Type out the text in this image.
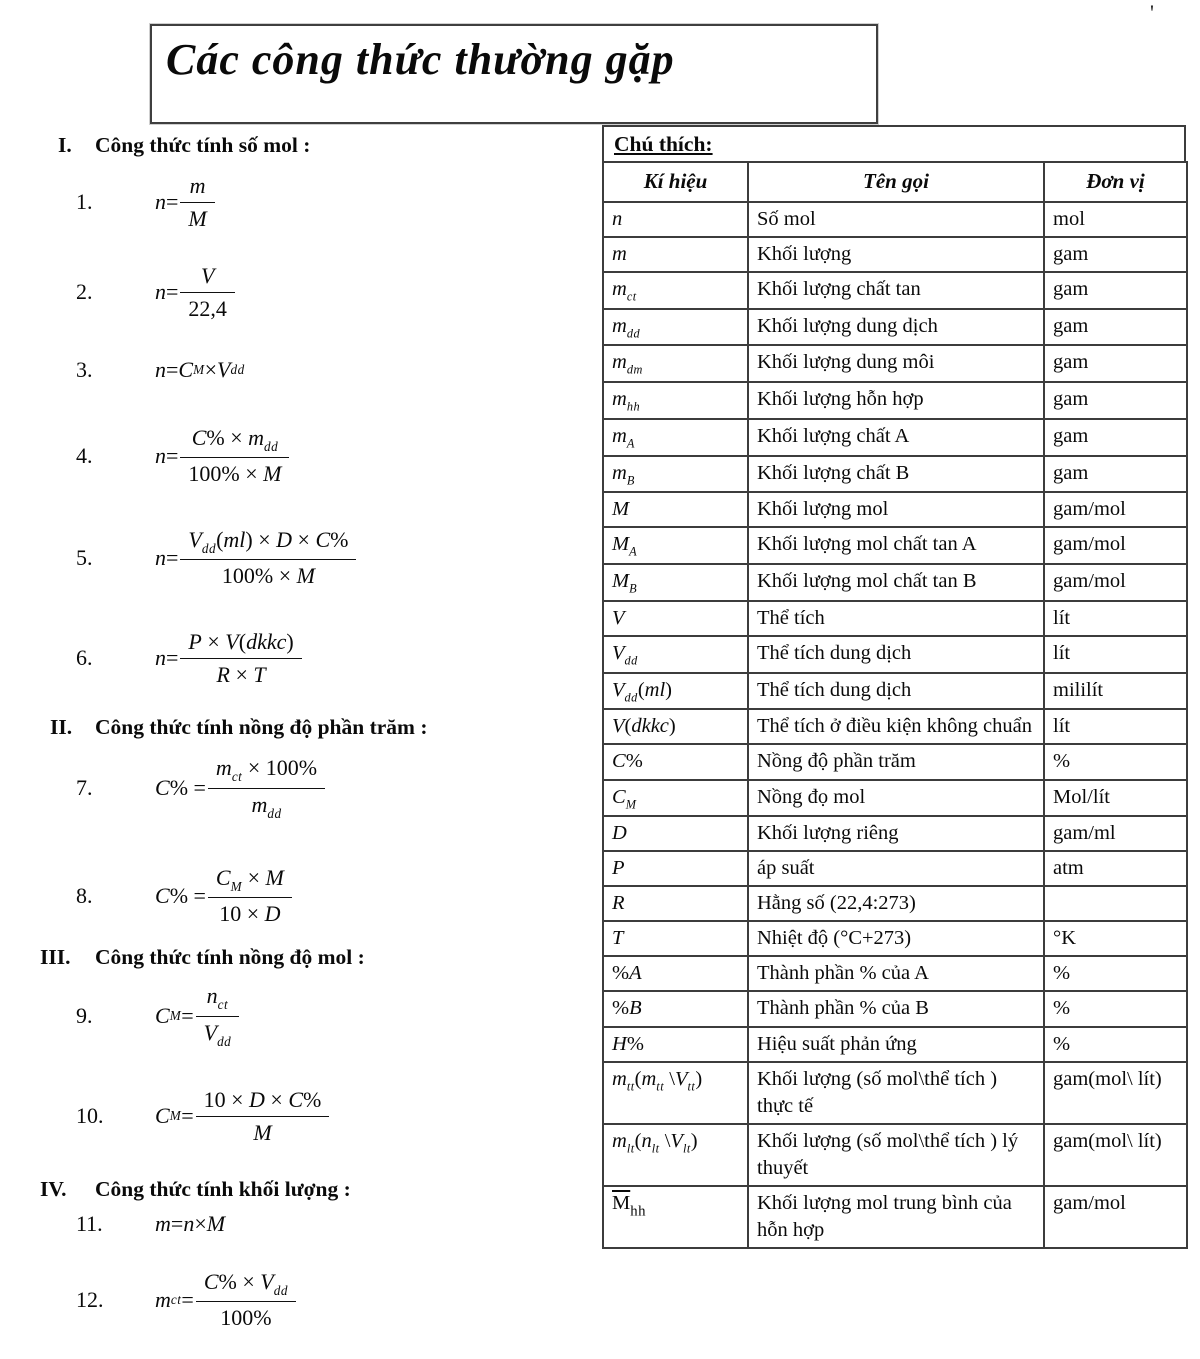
'
Các công thức thường gặp
I.	Công thức tính số mol :
1.	$n = \frac{m}{M}$
2.	$n = \frac{V}{22,4}$
3.	n = C M × V dd
4.	$n = \frac{C\% \times m_{dd}}{100\% \times M}$
5.	$n = \frac{V_{dd}(ml) \times D \times C\%}{100\% \times M}$
6.	$n = \frac{\text{P × V(dkkc)}}{R \times T}$
II.	Công thức tính nồng độ phần trăm :
7.	C % = $\frac{m_{ct} \times 100\%}{m_{dd}}$
8.	C % = $\frac{C_M \times M}{10 \times D}$
III.	Công thức tính nồng độ mol :
9.	C $M = \frac{n_{ct}}{V_{dd}}$
10.	C $M = \frac{10 \times D \times C\%}{M}$
IV.	Công thức tính khối lượng :
11.	m = n × M
12.	m ct = $\frac{C\% \times V_{dd}}{100\%}$
Chú thích:
Kí hiệu	Tên gọi	Đơn vị
n	Số mol	mol
m	Khối lượng	gam
$m_{ct}$	Khối lượng chất tan	gam
$m_{dd}$	Khối lượng dung dịch	gam
$m_{dm}$	Khối lượng dung môi	gam
$m_{hh}$	Khối lượng hỗn hợp	gam
$m_A$	Khối lượng chất A	gam
$m_B$	Khối lượng chất B	gam
M	Khối lượng mol	gam/mol
$M_A$	Khối lượng mol chất tan A	gam/mol
$M_B$	Khối lượng mol chất tan B	gam/mol
V	Thể tích	lít
$V_{dd}$	Thể tích dung dịch	lít
$V_{dd}(ml)$	Thể tích dung dịch	mililít
V(dkkc)	Thể tích ở điều kiện không chuẩn	lít
C%	Nồng độ phần trăm	%
$C_M$	Nồng đọ mol	Mol/lít
D	Khối lượng riêng	gam/ml
P	áp suất	atm
R	Hằng số (22,4:273)	
T	Nhiệt độ (°C+273)	°K
%A	Thành phần % của A	%
%B	Thành phần % của B	%
H%	Hiệu suất phản ứng	%
$m_{tt}(m_{tt}$ $\backslash V_{tt}$)	Khối lượng (số mol\thể tích ) thực tế	gam(mol\ lít)
$m_{lt}(n_{lt}$ $\backslash V_{lt}$)	Khối lượng (số mol\thể tích ) lý thuyết	gam(mol\ lít)
$\overline{M}_{hh}$	Khối lượng mol trung bình của hỗn hợp	gam/mol
